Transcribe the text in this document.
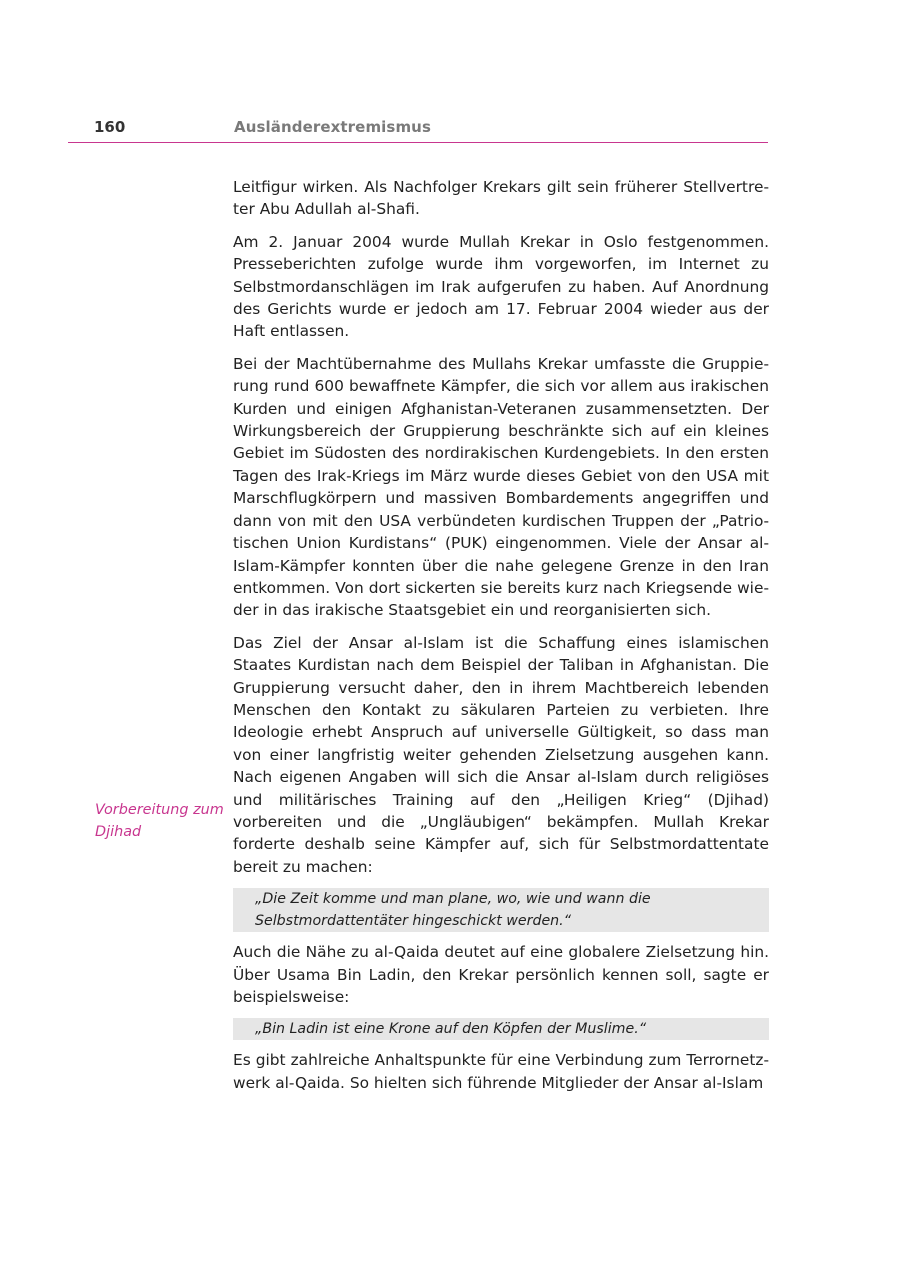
160	Ausländerextremismus
Vorbereitung zum Djihad

Leitfigur wirken. Als Nachfolger Krekars gilt sein früherer Stellvertreter Abu Adullah al-Shafi.

Am 2. Januar 2004 wurde Mullah Krekar in Oslo festgenommen. Presseberichten zufolge wurde ihm vorgeworfen, im Internet zu Selbstmordanschlägen im Irak aufgerufen zu haben. Auf Anordnung des Gerichts wurde er jedoch am 17. Februar 2004 wieder aus der Haft entlassen.

Bei der Machtübernahme des Mullahs Krekar umfasste die Gruppierung rund 600 bewaffnete Kämpfer, die sich vor allem aus irakischen Kurden und einigen Afghanistan-Veteranen zusammensetzten. Der Wirkungsbereich der Gruppierung beschränkte sich auf ein kleines Gebiet im Südosten des nordirakischen Kurdengebiets. In den ersten Tagen des Irak-Kriegs im März wurde dieses Gebiet von den USA mit Marschflugkörpern und massiven Bombardements angegriffen und dann von mit den USA verbündeten kurdischen Truppen der „Patriotischen Union Kurdistans“ (PUK) eingenommen. Viele der Ansar al-Islam-Kämpfer konnten über die nahe gelegene Grenze in den Iran entkommen. Von dort sickerten sie bereits kurz nach Kriegsende wieder in das irakische Staatsgebiet ein und reorganisierten sich.

Das Ziel der Ansar al-Islam ist die Schaffung eines islamischen Staates Kurdistan nach dem Beispiel der Taliban in Afghanistan. Die Gruppierung versucht daher, den in ihrem Machtbereich lebenden Menschen den Kontakt zu säkularen Parteien zu verbieten. Ihre Ideologie erhebt Anspruch auf universelle Gültigkeit, so dass man von einer langfristig weiter gehenden Zielsetzung ausgehen kann. Nach eigenen Angaben will sich die Ansar al-Islam durch religiöses und militärisches Training auf den „Heiligen Krieg“ (Djihad) vorbereiten und die „Ungläubigen“ bekämpfen. Mullah Krekar forderte deshalb seine Kämpfer auf, sich für Selbstmordattentate bereit zu machen:

„Die Zeit komme und man plane, wo, wie und wann die Selbstmordattentäter hingeschickt werden.“

Auch die Nähe zu al-Qaida deutet auf eine globalere Zielsetzung hin. Über Usama Bin Ladin, den Krekar persönlich kennen soll, sagte er beispielsweise:

„Bin Ladin ist eine Krone auf den Köpfen der Muslime.“

Es gibt zahlreiche Anhaltspunkte für eine Verbindung zum Terrornetzwerk al-Qaida. So hielten sich führende Mitglieder der Ansar al-Islam
